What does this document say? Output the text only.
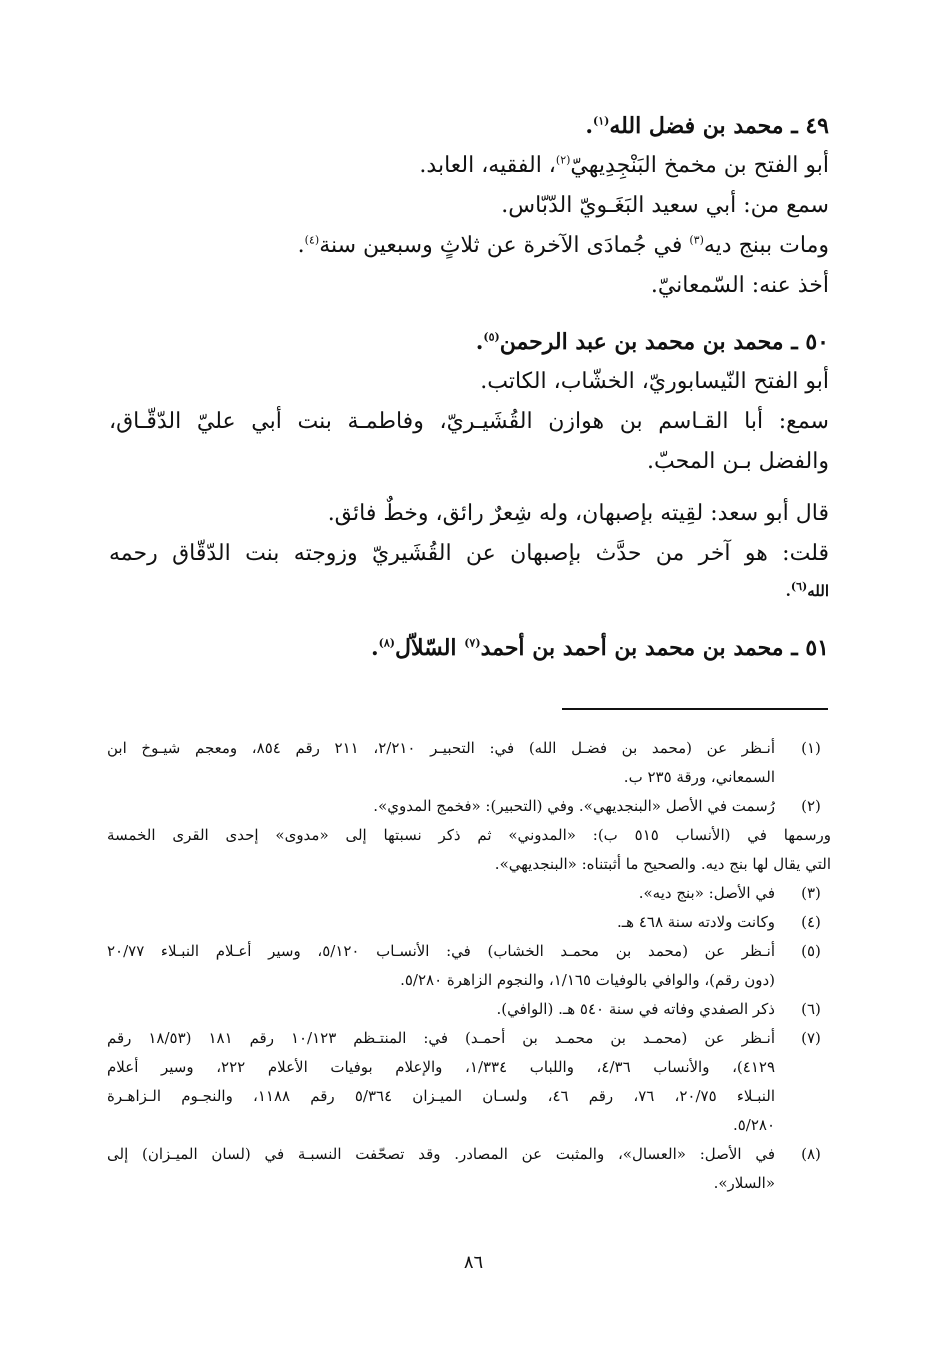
٤٩ ـ محمد بن فضل الله$^{(١)}$.
أبو الفتح بن مخمخ البَنْجِدِيهيّ$^{(٢)}$، الفقيه، العابد.
سمع من: أبي سعيد البَغَـويّ الدّبّاس.
ومات ببنج ديه$^{(٣)}$ في جُمادَى الآخرة عن ثلاثٍ وسبعين سنة$^{(٤)}$.
أخذ عنه: السّمعانيّ.
٥٠ ـ محمد بن محمد بن عبد الرحمن$^{(٥)}$.
أبو الفتح النّيسابوريّ، الخشّاب، الكاتب.
سمع: أبا القـاسم بن هوازن القُشَيـريّ، وفاطمـة بنت أبي عليّ الدّقّـاق،
والفضل بـن المحبّ.
قال أبو سعد: لقِيته بإصبهان، وله شِعرٌ رائق، وخطٌ فائق.
قلت: هو آخر من حدَّث بإصبهان عن القُشَيريّ وزوجته بنت الدّقّاق رحمه
الله$^{(٦)}$.
٥١ ـ محمد بن محمد بن أحمد بن أحمد$^{(٧)}$ السّلاّل$^{(٨)}$.
(١)
أنـظر عن (محمد بن فضـل الله) في: التحبيـر ٢/٢١٠، ٢١١ رقم ٨٥٤، ومعجم شيـوخ ابن
السمعاني، ورقة ٢٣٥ ب.
(٢)
رُسمت في الأصل «البنجديهي». وفي (التحبير): «فخمج المدوي».
ورسمها في (الأنساب ٥١٥ ب): «المدوني» ثم ذكر نسبتها إلى «مدوى» إحدى القرى الخمسة
التي يقال لها بنج ديه. والصحيح ما أثبتناه: «البنجديهي».
(٣)
في الأصل: «بنج ديه».
(٤)
وكانت ولادته سنة ٤٦٨ هـ.
(٥)
أنـظر عن (محمد بن محمـد الخشاب) في: الأنسـاب ٥/١٢٠، وسير أعـلام النبـلاء ٢٠/٧٧
(دون رقم)، والوافي بالوفيات ١/١٦٥، والنجوم الزاهرة ٥/٢٨٠.
(٦)
ذكر الصفدي وفاته في سنة ٥٤٠ هـ. (الوافي).
(٧)
أنـظر عن (محمـد بن محمـد بن أحمـد) في: المنتـظم ١٠/١٢٣ رقم ١٨١ (١٨/٥٣ رقم
٤١٢٩)، والأنساب ٤/٣٦، واللباب ١/٣٣٤، والإعلام بوفيات الأعلام ٢٢٢، وسير أعلام
النبـلاء ٢٠/٧٥، ٧٦، رقم ٤٦، ولسـان الميـزان ٥/٣٦٤ رقم ١١٨٨، والنجـوم الـزاهـرة
٥/٢٨٠.
(٨)
في الأصل: «العسال»، والمثبت عن المصادر. وقد تصحّفت النسبـة في (لسان الميـزان) إلى
«السلار».
٨٦
